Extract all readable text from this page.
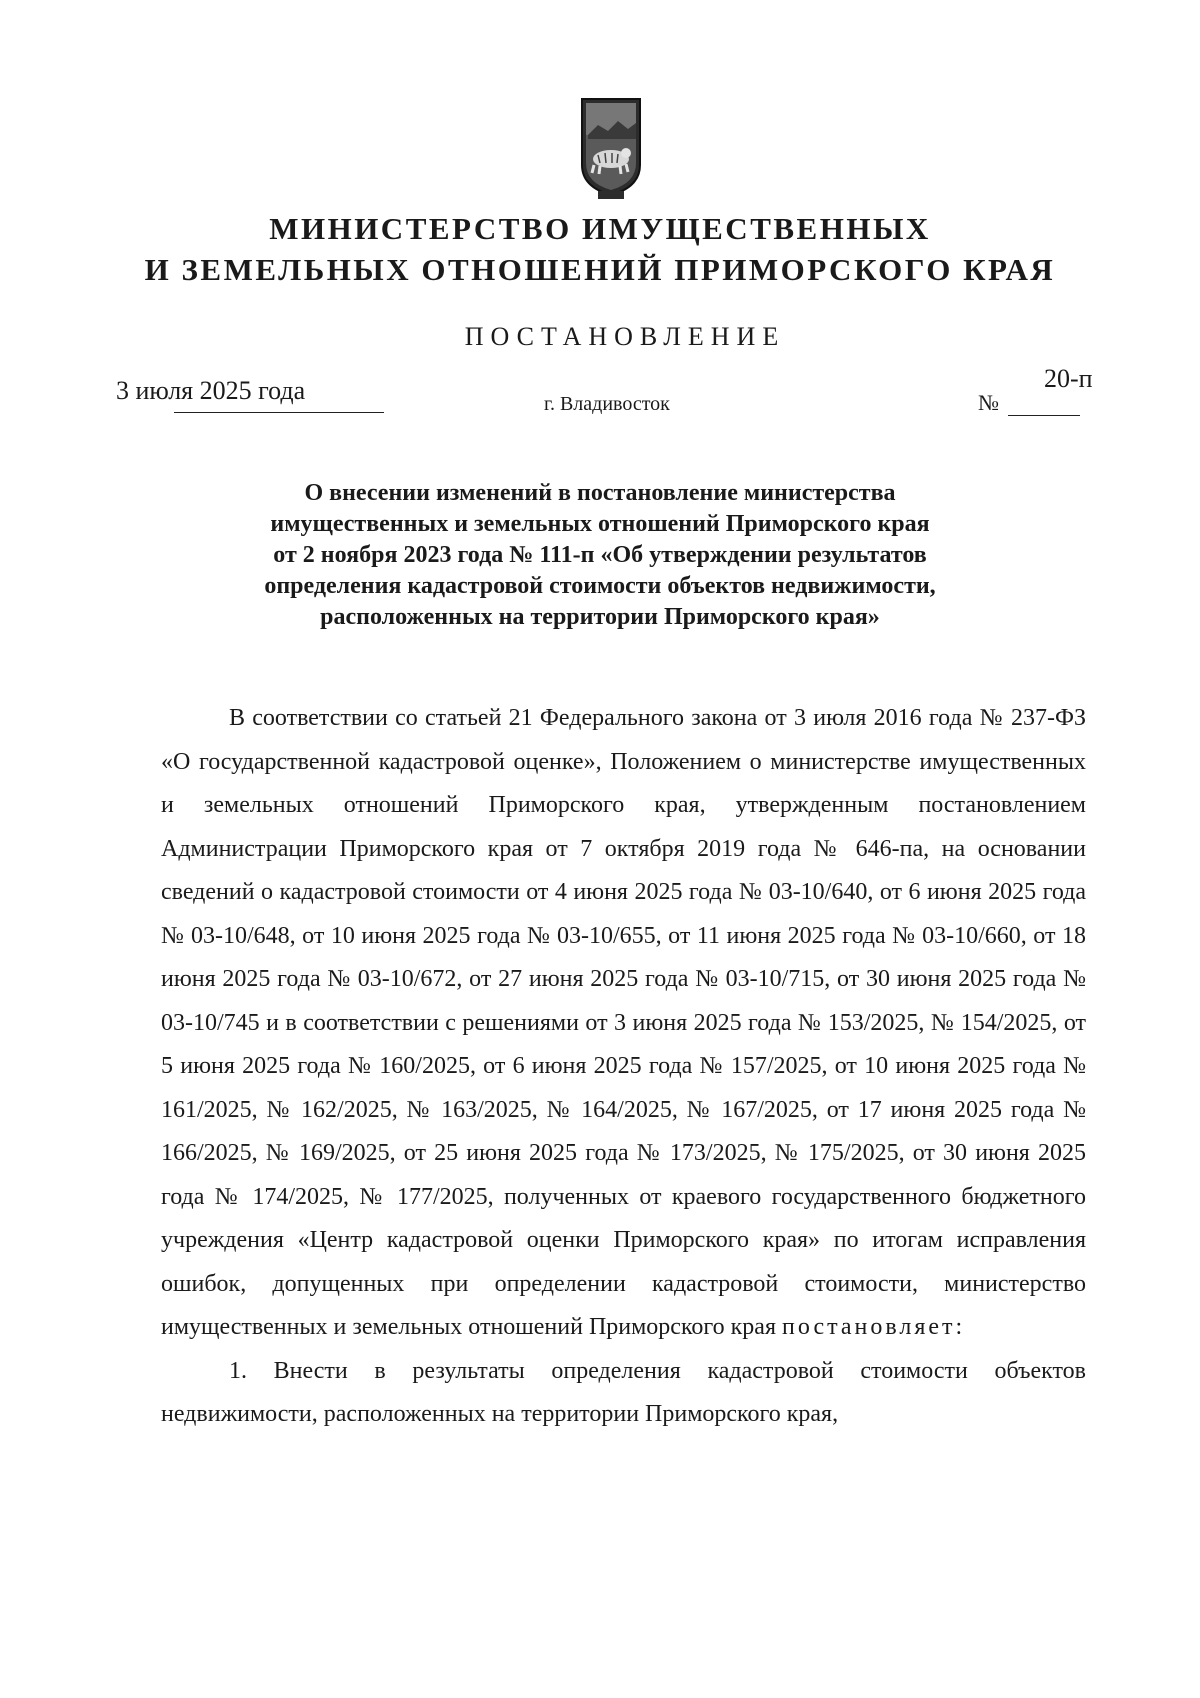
МИНИСТЕРСТВО ИМУЩЕСТВЕННЫХ
И ЗЕМЕЛЬНЫХ ОТНОШЕНИЙ ПРИМОРСКОГО КРАЯ
ПОСТАНОВЛЕНИЕ
3 июля 2025 года	г. Владивосток	№
20-п
О внесении изменений в постановление министерства
имущественных и земельных отношений Приморского края
от 2 ноября 2023 года № 111-п «Об утверждении результатов
определения кадастровой стоимости объектов недвижимости,
расположенных на территории Приморского края»

В соответствии со статьей 21 Федерального закона от 3 июля 2016 года № 237-ФЗ «О государственной кадастровой оценке», Положением о министерстве имущественных и земельных отношений Приморского края, утвержденным постановлением Администрации Приморского края от 7 октября 2019 года № 646-па, на основании сведений о кадастровой стоимости от 4 июня 2025 года № 03-10/640, от 6 июня 2025 года № 03-10/648, от 10 июня 2025 года № 03-10/655, от 11 июня 2025 года № 03-10/660, от 18 июня 2025 года № 03-10/672, от 27 июня 2025 года № 03-10/715, от 30 июня 2025 года № 03-10/745 и в соответствии с решениями от 3 июня 2025 года № 153/2025, № 154/2025, от 5 июня 2025 года № 160/2025, от 6 июня 2025 года № 157/2025, от 10 июня 2025 года № 161/2025, № 162/2025, № 163/2025, № 164/2025, № 167/2025, от 17 июня 2025 года № 166/2025, № 169/2025, от 25 июня 2025 года № 173/2025, № 175/2025, от 30 июня 2025 года № 174/2025, № 177/2025, полученных от краевого государственного бюджетного учреждения «Центр кадастровой оценки Приморского края» по итогам исправления ошибок, допущенных при определении кадастровой стоимости, министерство имущественных и земельных отношений Приморского края постановляет:

1. Внести в результаты определения кадастровой стоимости объектов недвижимости, расположенных на территории Приморского края,
